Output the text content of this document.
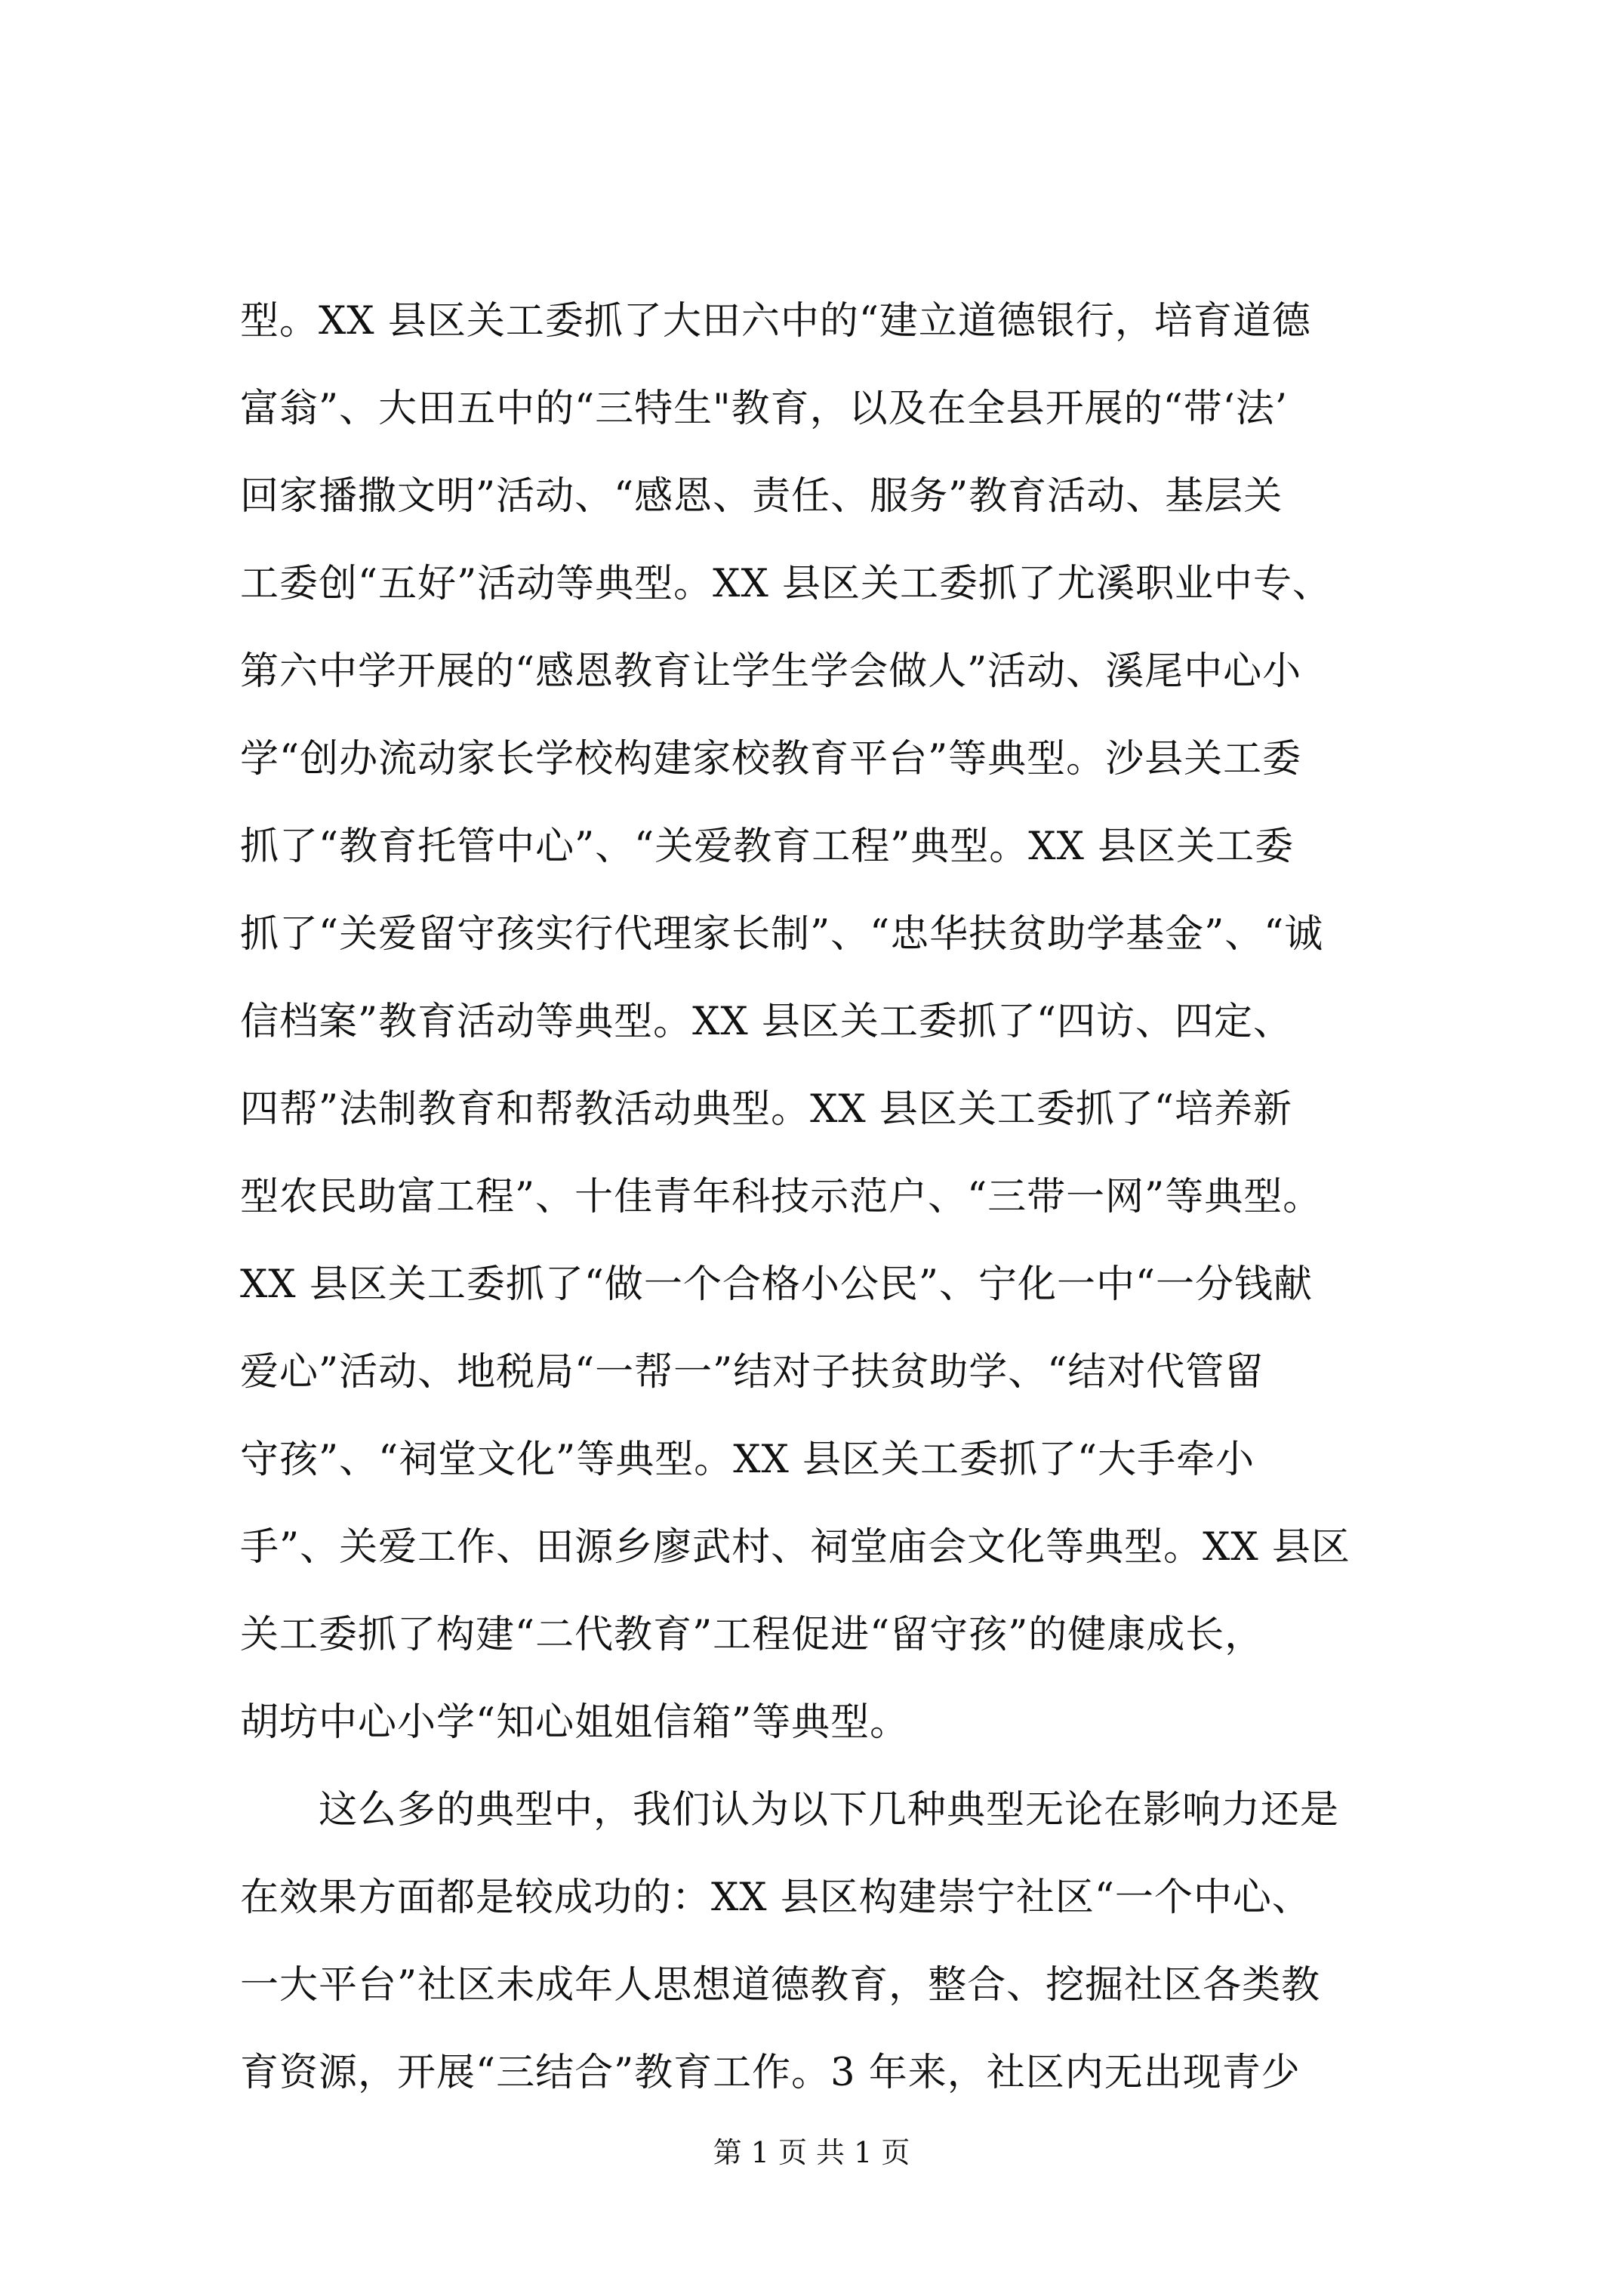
型。XX 县区关工委抓了大田六中的“建立道德银行，培育道德
富翁”、大田五中的“三特生"教育，以及在全县开展的“带‘法’
回家播撒文明”活动、“感恩、责任、服务”教育活动、基层关
工委创“五好”活动等典型。XX 县区关工委抓了尤溪职业中专、
第六中学开展的“感恩教育让学生学会做人”活动、溪尾中心小
学“创办流动家长学校构建家校教育平台”等典型。沙县关工委
抓了“教育托管中心”、“关爱教育工程”典型。XX 县区关工委
抓了“关爱留守孩实行代理家长制”、“忠华扶贫助学基金”、“诚
信档案”教育活动等典型。XX 县区关工委抓了“四访、四定、
四帮”法制教育和帮教活动典型。XX 县区关工委抓了“培养新
型农民助富工程”、十佳青年科技示范户、“三带一网”等典型。
XX 县区关工委抓了“做一个合格小公民”、宁化一中“一分钱献
爱心”活动、地税局“一帮一”结对子扶贫助学、“结对代管留
守孩”、“祠堂文化”等典型。XX 县区关工委抓了“大手牵小
手”、关爱工作、田源乡廖武村、祠堂庙会文化等典型。XX 县区
关工委抓了构建“二代教育”工程促进“留守孩”的健康成长，
胡坊中心小学“知心姐姐信箱”等典型。
这么多的典型中，我们认为以下几种典型无论在影响力还是
在效果方面都是较成功的：XX 县区构建崇宁社区“一个中心、
一大平台”社区未成年人思想道德教育，整合、挖掘社区各类教
育资源，开展“三结合”教育工作。3 年来，社区内无出现青少
第 1 页 共 1 页
